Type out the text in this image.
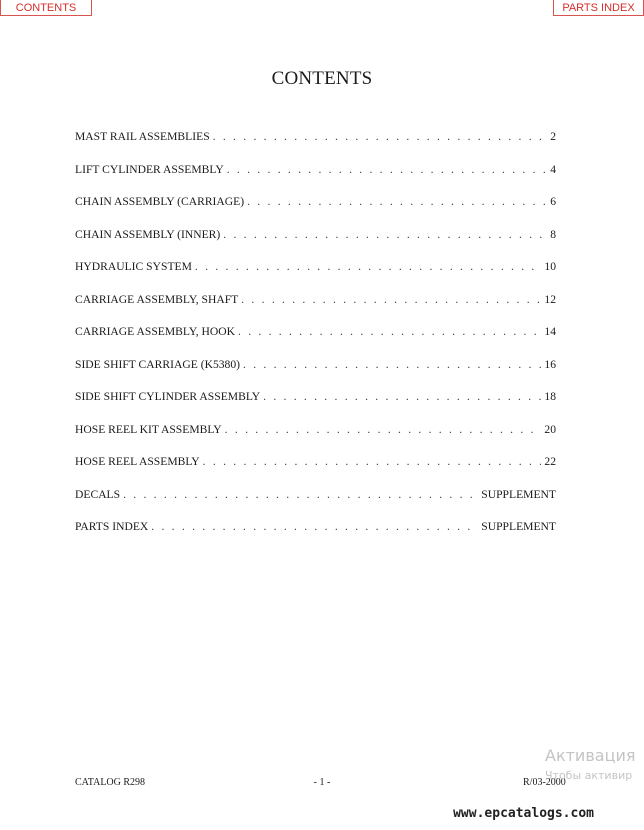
CONTENTS	PARTS INDEX
CONTENTS
MAST RAIL ASSEMBLIES . . .	2
LIFT CYLINDER ASSEMBLY . . .	4
CHAIN ASSEMBLY (CARRIAGE) . . .	6
CHAIN ASSEMBLY (INNER) . . .	8
HYDRAULIC SYSTEM . . .	10
CARRIAGE ASSEMBLY, SHAFT . . .	12
CARRIAGE ASSEMBLY, HOOK . . .	14
SIDE SHIFT CARRIAGE (K5380) . . .	16
SIDE SHIFT CYLINDER ASSEMBLY . . .	18
HOSE REEL KIT ASSEMBLY . . .	20
HOSE REEL ASSEMBLY . . .	22
DECALS . . .	SUPPLEMENT
PARTS INDEX . . .	SUPPLEMENT
CATALOG R298	- 1 -	R/03-2000
Активация
Чтобы активир
www.epcatalogs.com
